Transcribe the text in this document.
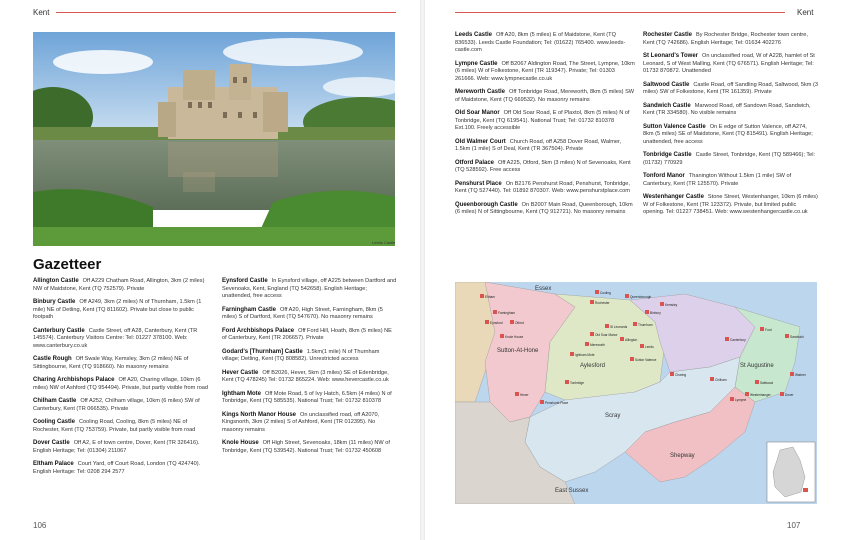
Kent
Leeds Castle
Gazetteer
Allington Castle Off A229 Chatham Road, Allington, 3km (2 miles) NW of Maidstone, Kent (TQ 752579). Private
Binbury Castle Off A249, 3km (2 miles) N of Thurnham, 1.5km (1 mile) NE of Detling, Kent (TQ 811602). Private but close to public footpath
Canterbury Castle Castle Street, off A28, Canterbury, Kent (TR 145574). Canterbury Visitors Centre: Tel: 01227 378100. Web: www.canterbury.co.uk
Castle Rough Off Swale Way, Kemsley, 3km (2 miles) NE of Sittingbourne, Kent (TQ 918660). No masonry remains
Charing Archbishops Palace Off A20, Charing village, 10km (6 miles) NW of Ashford (TQ 954494). Private, but partly visible from road
Chilham Castle Off A252, Chilham village, 10km (6 miles) SW of Canterbury, Kent (TR 066535). Private
Cooling Castle Cooling Road, Cooling, 8km (5 miles) NE of Rochester, Kent (TQ 753759). Private, but partly visible from road
Dover Castle Off A2, E of town centre, Dover, Kent (TR 326416). English Heritage; Tel: (01304) 211067
Eltham Palace Court Yard, off Court Road, London (TQ 424740). English Heritage: Tel: 0208 294 2577
Eynsford Castle In Eynsford village, off A225 between Dartford and Sevenoaks, Kent, England (TQ 542658). English Heritage; unattended, free access
Farningham Castle Off A20, High Street, Farningham, 8km (5 miles) S of Dartford, Kent (TQ 547670). No masonry remains
Ford Archbishops Palace Off Ford Hill, Hoath, 8km (5 miles) NE of Canterbury, Kent (TR 206657). Private
Godard's [Thurnham] Castle 1.5km(1 mile) N of Thurnham village; Detling, Kent (TQ 808582). Unrestricted access
Hever Castle Off B2026, Hever, 5km (3 miles) SE of Edenbridge, Kent (TQ 478245) Tel: 01732 865224. Web: www.hevercastle.co.uk
Ightham Mote Off Mote Road, 5 of Ivy Hatch, 6.5km (4 miles) N of Tonbridge, Kent (TQ 585535). National Trust; Tel: 01732 810378
Kings North Manor House On unclassified road, off A2070, Kingsnorth, 3km (2 miles) S of Ashford, Kent (TR 012395). No masonry remains
Knole House Off High Street, Sevenoaks, 18km (11 miles) NW of Tonbridge, Kent (TQ 539542). National Trust; Tel: 01732 450608
106
Kent
Leeds Castle Off A20, 8km (5 miles) E of Maidstone, Kent (TQ 836533). Leeds Castle Foundation; Tel: (01622) 765400. www.leeds-castle.com
Lympne Castle Off B2067 Aldington Road, The Street, Lympne, 10km (6 miles) W of Folkestone, Kent (TR 119347). Private; Tel: 01303 261666. Web: www.lympnecastle.co.uk
Mereworth Castle Off Tonbridge Road, Mereworth, 8km (5 miles) SW of Maidstone, Kent (TQ 669532). No masonry remains
Old Soar Manor Off Old Soar Road, E of Plaxtol, 8km (5 miles) N of Tonbridge, Kent (TQ 619541). National Trust; Tel: 01732 810378 Ext.100. Freely accessible
Old Walmer Court Church Road, off A258 Dover Road, Walmer, 1.5km (1 mile) S of Deal, Kent (TR 367504). Private
Otford Palace Off A225, Otford, 5km (3 miles) N of Sevenoaks, Kent (TQ 528592). Free access
Penshurst Place On B2176 Penshurst Road, Penshurst, Tonbridge, Kent (TQ 527440). Tel: 01892 870307. Web: www.penshurstplace.com
Queenborough Castle On B2007 Main Road, Queenborough, 10km (6 miles) N of Sittingbourne, Kent (TQ 912721). No masonry remains
Rochester Castle By Rochester Bridge, Rochester town centre, Kent (TQ 742686). English Heritage; Tel: 01634 402276
St Leonard's Tower On unclassified road, W of A228, hamlet of St Leonard, S of West Malling, Kent (TQ 676571). English Heritage; Tel: 01732 870872. Unattended
Saltwood Castle Castle Road, off Sandling Road, Saltwood, 5km (3 miles) SW of Folkestone, Kent (TR 161359). Private
Sandwich Castle Marwood Road, off Sandown Road, Sandwich, Kent (TR 334580). No visible remains
Sutton Valence Castle On E edge of Sutton Valence, off A274, 8km (5 miles) SE of Maidstone, Kent (TQ 815491). English Heritage; unattended, free access
Tonbridge Castle Castle Street, Tonbridge, Kent (TQ 589466); Tel: (01732) 770929
Tonford Manor Thanington Without 1.5km (1 mile) SW of Canterbury, Kent (TR 125570). Private
Westenhanger Castle Stone Street, Westenhanger, 10km (6 miles) W of Folkestone, Kent (TR 123372). Private, but limited public opening. Tel: 01227 738451. Web: www.westenhangercastle.co.uk
Sutton-At-Hone
Aylesford
Scray
St Augustine
Shepway
Essex
East Sussex
Eltham
Farningham
Eynsford
Knole House
Otford
Rochester
Cooling
Queenborough
St Leonards	Thurnham
Allington
Leeds
Sutton Valence
Old Soar Manor
Mereworth
Tonbridge
Penshurst Place
Hever
Ightham Mote
Canterbury
Sandwich
Chilham
Charing
Westenhanger
Saltwood
Dover
Walmer
Ford
Kemsley
Binbury
Lympne
107
